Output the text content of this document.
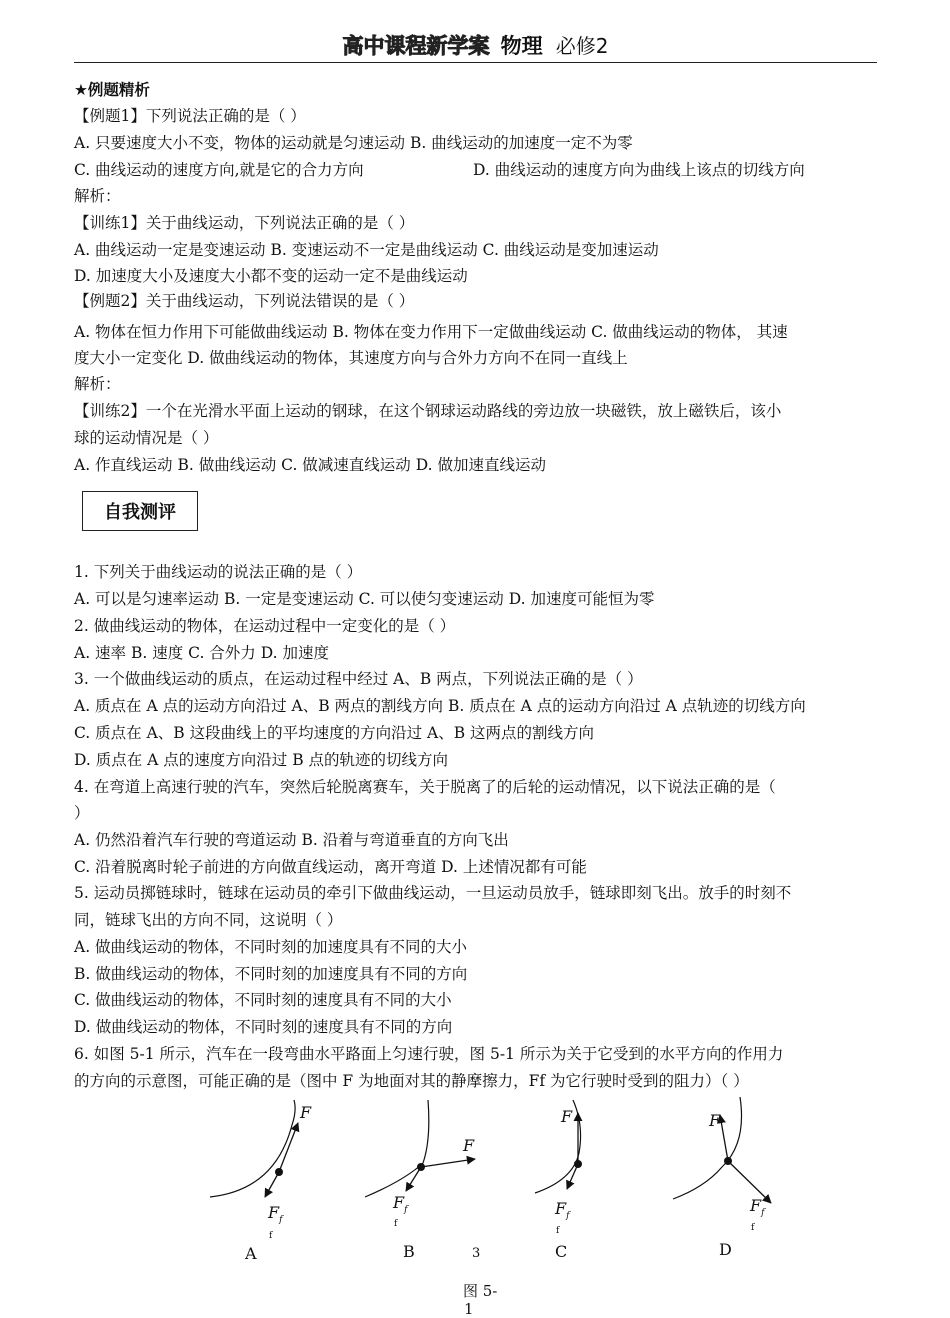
高中课程新学案 物理 必修2
★例题精析
【例题1】下列说法正确的是（ ）
A. 只要速度大小不变，物体的运动就是匀速运动 B. 曲线运动的加速度一定不为零
C. 曲线运动的速度方向,就是它的合力方向	D. 曲线运动的速度方向为曲线上该点的切线方向
解析：
【训练1】关于曲线运动，下列说法正确的是（ ）
A. 曲线运动一定是变速运动 B. 变速运动不一定是曲线运动 C. 曲线运动是变加速运动
D. 加速度大小及速度大小都不变的运动一定不是曲线运动
【例题2】关于曲线运动，下列说法错误的是（ ）
A. 物体在恒力作用下可能做曲线运动 B. 物体在变力作用下一定做曲线运动 C. 做曲线运动的物体， 其速
度大小一定变化 D. 做曲线运动的物体，其速度方向与合外力方向不在同一直线上
解析：
【训练2】一个在光滑水平面上运动的钢球，在这个钢球运动路线的旁边放一块磁铁，放上磁铁后，该小
球的运动情况是（ ）
A. 作直线运动 B. 做曲线运动 C. 做减速直线运动 D. 做加速直线运动
自我测评
1. 下列关于曲线运动的说法正确的是（ ）
A. 可以是匀速率运动 B. 一定是变速运动 C. 可以使匀变速运动 D. 加速度可能恒为零
2. 做曲线运动的物体，在运动过程中一定变化的是（ ）
A. 速率 B. 速度 C. 合外力 D. 加速度
3. 一个做曲线运动的质点，在运动过程中经过 A、B 两点，下列说法正确的是（ ）
A. 质点在 A 点的运动方向沿过 A、B 两点的割线方向 B. 质点在 A 点的运动方向沿过 A 点轨迹的切线方向
C. 质点在 A、B 这段曲线上的平均速度的方向沿过 A、B 这两点的割线方向
D. 质点在 A 点的速度方向沿过 B 点的轨迹的切线方向
4. 在弯道上高速行驶的汽车，突然后轮脱离赛车，关于脱离了的后轮的运动情况，以下说法正确的是（
）
A. 仍然沿着汽车行驶的弯道运动 B. 沿着与弯道垂直的方向飞出
C. 沿着脱离时轮子前进的方向做直线运动，离开弯道 D. 上述情况都有可能
5. 运动员掷链球时，链球在运动员的牵引下做曲线运动，一旦运动员放手，链球即刻飞出。放手的时刻不
同，链球飞出的方向不同，这说明（ ）
A. 做曲线运动的物体，不同时刻的加速度具有不同的大小
B. 做曲线运动的物体，不同时刻的加速度具有不同的方向
C. 做曲线运动的物体，不同时刻的速度具有不同的大小
D. 做曲线运动的物体，不同时刻的速度具有不同的方向
6. 如图 5-1 所示，汽车在一段弯曲水平路面上匀速行驶，图 5-1 所示为关于它受到的水平方向的作用力
的方向的示意图，可能正确的是（图中 F 为地面对其的静摩擦力，Ff 为它行驶时受到的阻力）（ ）
F
$F_f$
f
F
$F_f$
f
F
$F_f$
f
F
$F_f$
f
A	B	3	C	D
图 5-
1
